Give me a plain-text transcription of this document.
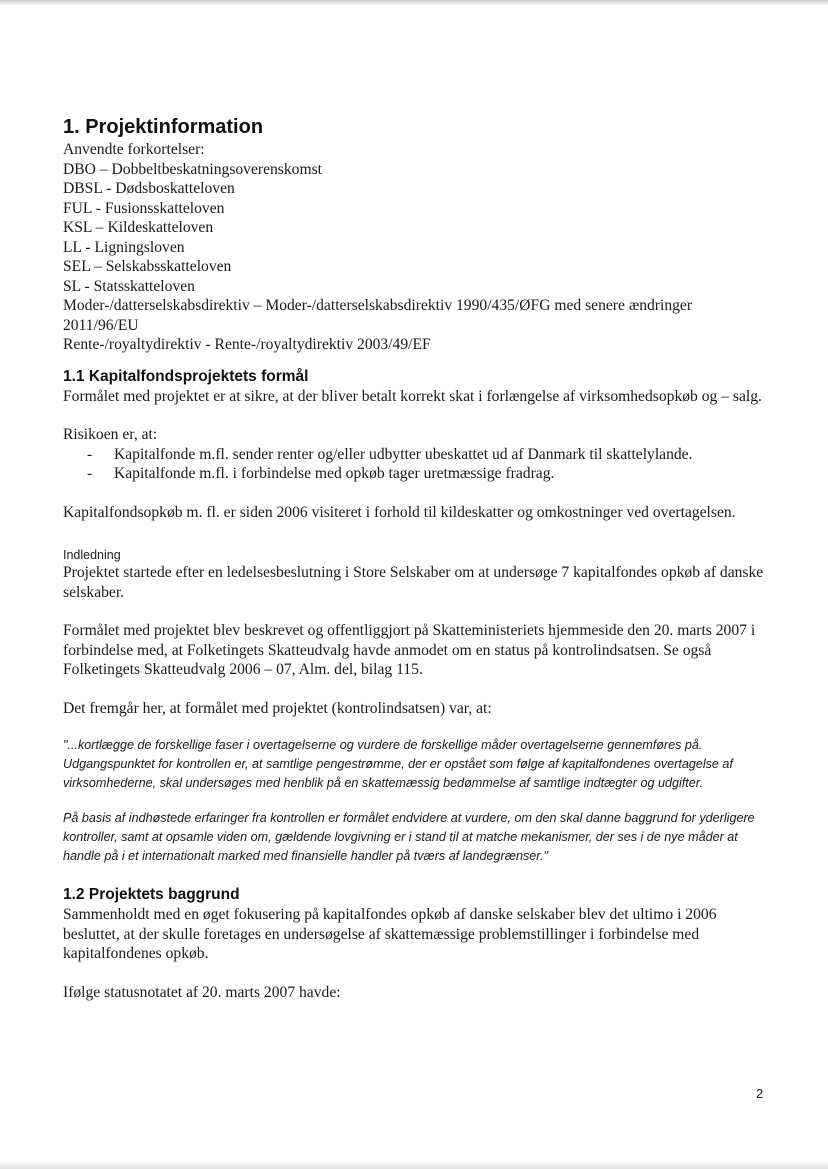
1. Projektinformation

Anvendte forkortelser:

DBO – Dobbeltbeskatningsoverenskomst

DBSL - Dødsboskatteloven

FUL - Fusionsskatteloven

KSL – Kildeskatteloven

LL - Ligningsloven

SEL – Selskabsskatteloven

SL - Statsskatteloven

Moder-/datterselskabsdirektiv – Moder-/datterselskabsdirektiv 1990/435/ØFG med senere ændringer

2011/96/EU

Rente-/royaltydirektiv - Rente-/royaltydirektiv 2003/49/EF

1.1 Kapitalfondsprojektets formål

Formålet med projektet er at sikre, at der bliver betalt korrekt skat i forlængelse af virksomhedsopkøb og – salg.

Risikoen er, at:

- Kapitalfonde m.fl. sender renter og/eller udbytter ubeskattet ud af Danmark til skattelylande.
- Kapitalfonde m.fl. i forbindelse med opkøb tager uretmæssige fradrag.

Kapitalfondsopkøb m. fl. er siden 2006 visiteret i forhold til kildeskatter og omkostninger ved overtagelsen.

Indledning

Projektet startede efter en ledelsesbeslutning i Store Selskaber om at undersøge 7 kapitalfondes opkøb af danske selskaber.

Formålet med projektet blev beskrevet og offentliggjort på Skatteministeriets hjemmeside den 20. marts 2007 i forbindelse med, at Folketingets Skatteudvalg havde anmodet om en status på kontrolindsatsen. Se også Folketingets Skatteudvalg 2006 – 07, Alm. del, bilag 115.

Det fremgår her, at formålet med projektet (kontrolindsatsen) var, at:

"...kortlægge de forskellige faser i overtagelserne og vurdere de forskellige måder overtagelserne gennemføres på. Udgangspunktet for kontrollen er, at samtlige pengestrømme, der er opstået som følge af kapitalfondenes overtagelse af virksomhederne, skal undersøges med henblik på en skattemæssig bedømmelse af samtlige indtægter og udgifter.

På basis af indhøstede erfaringer fra kontrollen er formålet endvidere at vurdere, om den skal danne baggrund for yderligere kontroller, samt at opsamle viden om, gældende lovgivning er i stand til at matche mekanismer, der ses i de nye måder at handle på i et internationalt marked med finansielle handler på tværs af landegrænser."

1.2 Projektets baggrund

Sammenholdt med en øget fokusering på kapitalfondes opkøb af danske selskaber blev det ultimo i 2006 besluttet, at der skulle foretages en undersøgelse af skattemæssige problemstillinger i forbindelse med kapitalfondenes opkøb.

Ifølge statusnotatet af 20. marts 2007 havde:

2
